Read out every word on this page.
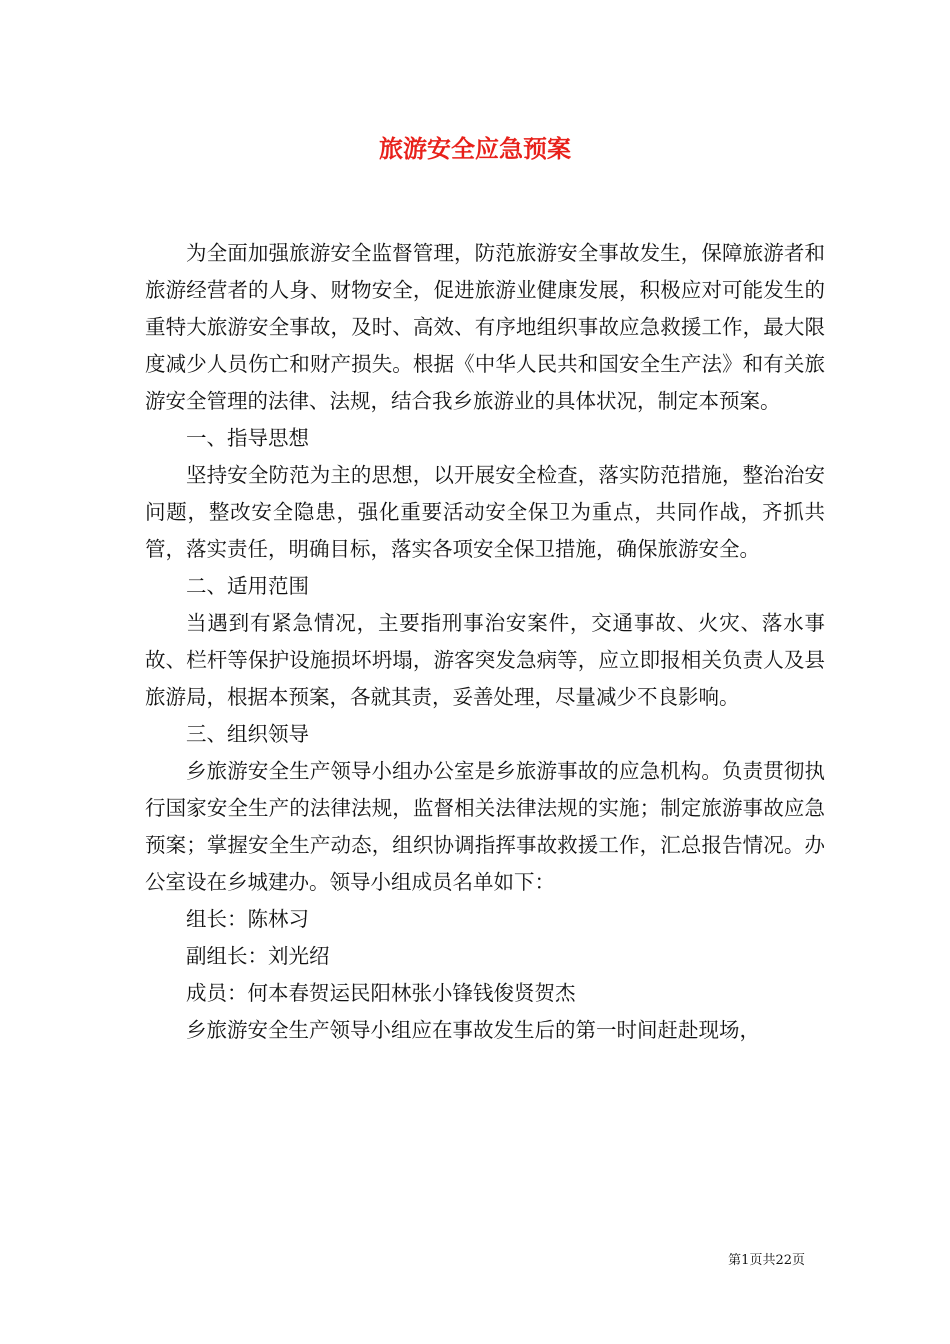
旅游安全应急预案

为全面加强旅游安全监督管理，防范旅游安全事故发生，保障旅游者和旅游经营者的人身、财物安全，促进旅游业健康发展，积极应对可能发生的重特大旅游安全事故，及时、高效、有序地组织事故应急救援工作，最大限度减少人员伤亡和财产损失。根据《中华人民共和国安全生产法》和有关旅游安全管理的法律、法规，结合我乡旅游业的具体状况，制定本预案。

一、指导思想

坚持安全防范为主的思想，以开展安全检查，落实防范措施，整治治安问题，整改安全隐患，强化重要活动安全保卫为重点，共同作战，齐抓共管，落实责任，明确目标，落实各项安全保卫措施，确保旅游安全。

二、适用范围

当遇到有紧急情况，主要指刑事治安案件，交通事故、火灾、落水事故、栏杆等保护设施损坏坍塌，游客突发急病等，应立即报相关负责人及县旅游局，根据本预案，各就其责，妥善处理，尽量减少不良影响。

三、组织领导

乡旅游安全生产领导小组办公室是乡旅游事故的应急机构。负责贯彻执行国家安全生产的法律法规，监督相关法律法规的实施；制定旅游事故应急预案；掌握安全生产动态，组织协调指挥事故救援工作，汇总报告情况。办公室设在乡城建办。领导小组成员名单如下：

组长：陈林习

副组长：刘光绍

成员：何本春贺运民阳林张小锋钱俊贤贺杰

乡旅游安全生产领导小组应在事故发生后的第一时间赶赴现场，

第1页共22页
